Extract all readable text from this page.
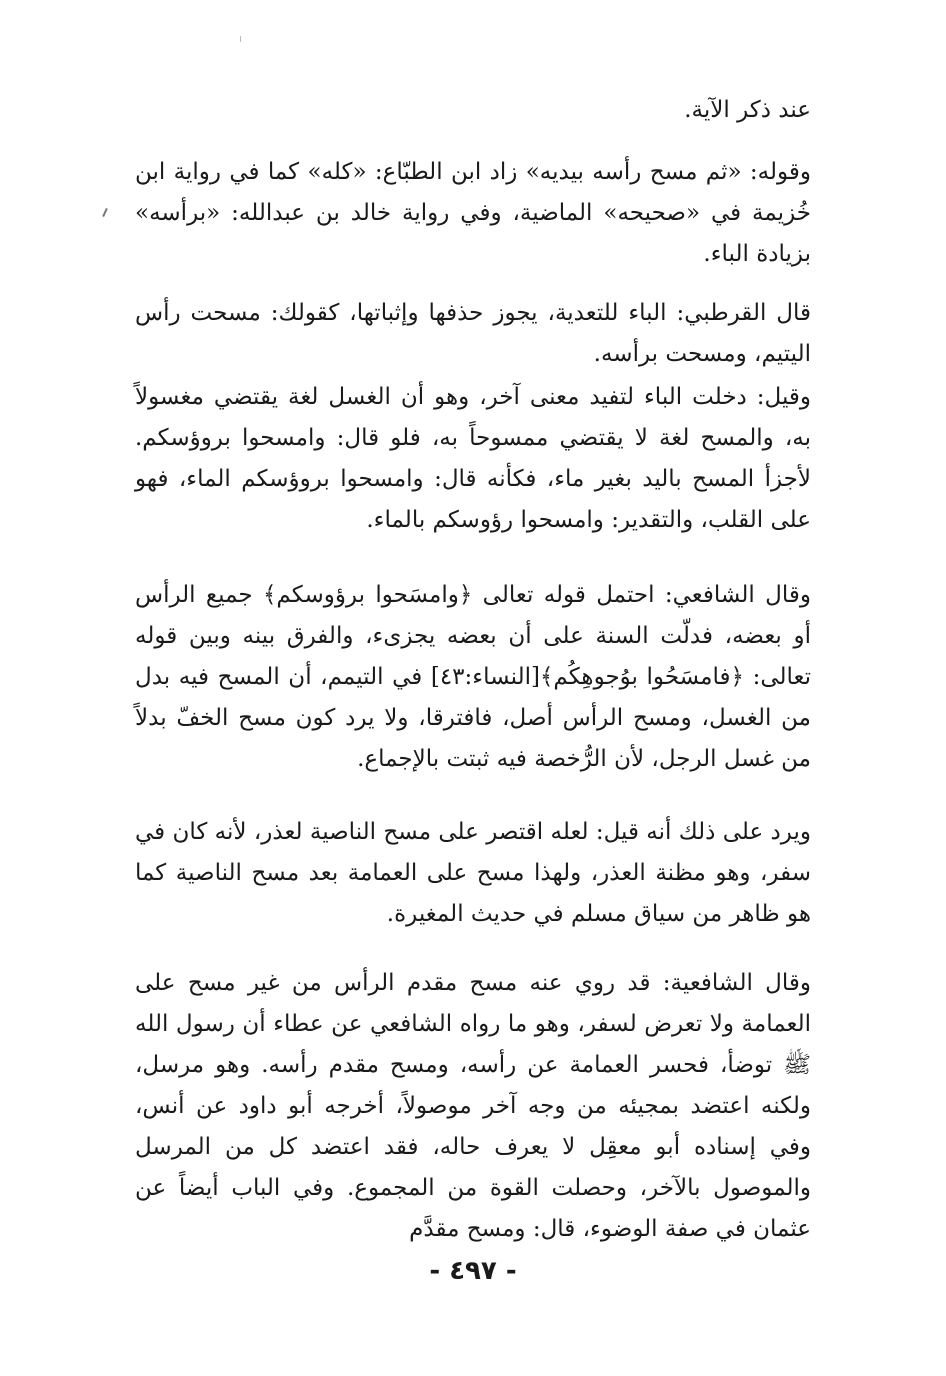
عند ذكر الآية.

وقوله: «ثم مسح رأسه بيديه» زاد ابن الطبّاع: «كله» كما في رواية ابن خُزيمة في «صحيحه» الماضية، وفي رواية خالد بن عبدالله: «برأسه» بزيادة الباء.

قال القرطبي: الباء للتعدية، يجوز حذفها وإثباتها، كقولك: مسحت رأس اليتيم، ومسحت برأسه.

وقيل: دخلت الباء لتفيد معنى آخر، وهو أن الغسل لغة يقتضي مغسولاً به، والمسح لغة لا يقتضي ممسوحاً به، فلو قال: وامسحوا بروؤسكم. لأجزأ المسح باليد بغير ماء، فكأنه قال: وامسحوا بروؤسكم الماء، فهو على القلب، والتقدير: وامسحوا رؤوسكم بالماء.

وقال الشافعي: احتمل قوله تعالى ﴿وامسَحوا برؤوسكم﴾ جميع الرأس أو بعضه، فدلّت السنة على أن بعضه يجزىء، والفرق بينه وبين قوله تعالى: ﴿فامسَحُوا بوُجوهِكُم﴾[النساء:٤٣] في التيمم، أن المسح فيه بدل من الغسل، ومسح الرأس أصل، فافترقا، ولا يرد كون مسح الخفّ بدلاً من غسل الرجل، لأن الرُّخصة فيه ثبتت بالإجماع.

ويرد على ذلك أنه قيل: لعله اقتصر على مسح الناصية لعذر، لأنه كان في سفر، وهو مظنة العذر، ولهذا مسح على العمامة بعد مسح الناصية كما هو ظاهر من سياق مسلم في حديث المغيرة.

وقال الشافعية: قد روي عنه مسح مقدم الرأس من غير مسح على العمامة ولا تعرض لسفر، وهو ما رواه الشافعي عن عطاء أن رسول الله ﷺ توضأ، فحسر العمامة عن رأسه، ومسح مقدم رأسه. وهو مرسل، ولكنه اعتضد بمجيئه من وجه آخر موصولاً، أخرجه أبو داود عن أنس، وفي إسناده أبو معقِل لا يعرف حاله، فقد اعتضد كل من المرسل والموصول بالآخر، وحصلت القوة من المجموع. وفي الباب أيضاً عن عثمان في صفة الوضوء، قال: ومسح مقدَّم

- ٤٩٧ -
